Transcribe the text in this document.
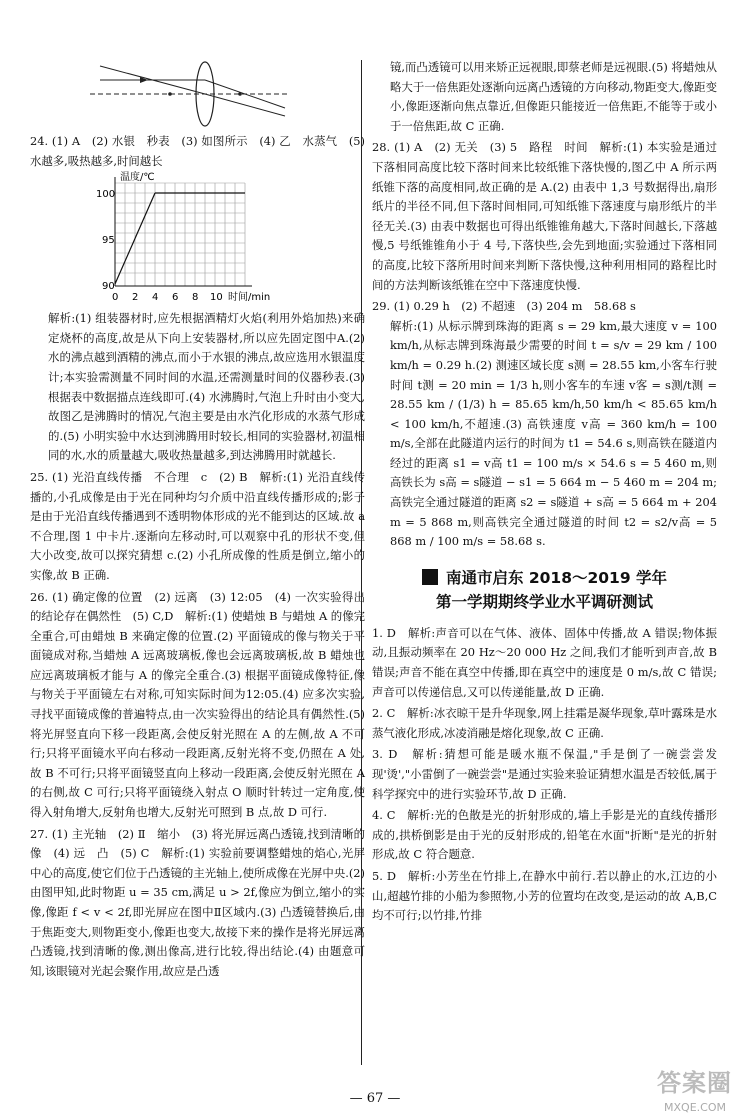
24. (1) A　(2) 水银　秒表　(3) 如图所示　(4) 乙　水蒸气　(5) 水越多,吸热越多,时间越长

温度/℃
100
95
90
0 2 4 6 8 10 时间/min

解析:(1) 组装器材时,应先根据酒精灯火焰(利用外焰加热)来确定烧杯的高度,故是从下向上安装器材,所以应先固定图中A.(2) 水的沸点越到酒精的沸点,而小于水银的沸点,故应选用水银温度计;本实验需测量不同时间的水温,还需测量时间的仪器秒表.(3) 根据表中数据描点连线即可.(4) 水沸腾时,气泡上升时由小变大,故图乙是沸腾时的情况,气泡主要是由水汽化形成的水蒸气形成的.(5) 小明实验中水达到沸腾用时较长,相同的实验器材,初温相同的水,水的质量越大,吸收热量越多,到达沸腾用时就越长.

25. (1) 光沿直线传播　不合理　c　(2) B　解析:(1) 光沿直线传播的,小孔成像是由于光在同种均匀介质中沿直线传播形成的;影子是由于光沿直线传播遇到不透明物体形成的光不能到达的区域.故 a 不合理,图 1 中卡片.逐渐向左移动时,可以观察中孔的形状不变,但大小改变,故可以探究猜想 c.(2) 小孔所成像的性质是倒立,缩小的实像,故 B 正确.

26. (1) 确定像的位置　(2) 远离　(3) 12:05　(4) 一次实验得出的结论存在偶然性　(5) C,D　解析:(1) 使蜡烛 B 与蜡烛 A 的像完全重合,可由蜡烛 B 来确定像的位置.(2) 平面镜成的像与物关于平面镜成对称,当蜡烛 A 远离玻璃板,像也会远离玻璃板,故 B 蜡烛也应远离玻璃板才能与 A 的像完全重合.(3) 根据平面镜成像特征,像与物关于平面镜左右对称,可知实际时间为12:05.(4) 应多次实验,寻找平面镜成像的普遍特点,由一次实验得出的结论具有偶然性.(5) 将光屏竖直向下移一段距离,会使反射光照在 A 的左侧,故 A 不可行;只将平面镜水平向右移动一段距离,反射光将不变,仍照在 A 处,故 B 不可行;只将平面镜竖直向上移动一段距离,会使反射光照在 A 的右侧,故 C 可行;只将平面镜绕入射点 O 顺时针转过一定角度,使得入射角增大,反射角也增大,反射光可照到 B 点,故 D 可行.

27. (1) 主光轴　(2) Ⅱ　缩小　(3) 将光屏远离凸透镜,找到清晰的像　(4) 远　凸　(5) C　解析:(1) 实验前要调整蜡烛的焰心,光屏中心的高度,使它们位于凸透镜的主光轴上,使所成像在光屏中央.(2) 由图甲知,此时物距 u = 35 cm,满足 u > 2f,像应为倒立,缩小的实像,像距 f < v < 2f,即光屏应在图中Ⅱ区域内.(3) 凸透镜替换后,由于焦距变大,则物距变小,像距也变大,故接下来的操作是将光屏远离凸透镜,找到清晰的像,测出像高,进行比较,得出结论.(4) 由题意可知,该眼镜对光起会聚作用,故应是凸透

镜,而凸透镜可以用来矫正远视眼,即蔡老师是远视眼.(5) 将蜡烛从略大于一倍焦距处逐渐向远离凸透镜的方向移动,物距变大,像距变小,像距逐渐向焦点靠近,但像距只能接近一倍焦距,不能等于或小于一倍焦距,故 C 正确.

28. (1) A　(2) 无关　(3) 5　路程　时间　解析:(1) 本实验是通过下落相同高度比较下落时间来比较纸锥下落快慢的,图乙中 A 所示两纸锥下落的高度相同,故正确的是 A.(2) 由表中 1,3 号数据得出,扇形纸片的半径不同,但下落时间相同,可知纸锥下落速度与扇形纸片的半径无关.(3) 由表中数据也可得出纸锥锥角越大,下落时间越长,下落越慢,5 号纸锥锥角小于 4 号,下落快些,会先到地面;实验通过下落相同的高度,比较下落所用时间来判断下落快慢,这种利用相同的路程比时间的方法判断该纸锥在空中下落速度快慢.

29. (1) 0.29 h　(2) 不超速　(3) 204 m　58.68 s

解析:(1) 从标示牌到珠海的距离 s = 29 km,最大速度 v = 100 km/h,从标志牌到珠海最少需要的时间 t = s/v = 29 km / 100 km/h = 0.29 h.(2) 测速区域长度 s测 = 28.55 km,小客车行驶时间 t测 = 20 min = 1/3 h,则小客车的车速 v客 = s测/t测 = 28.55 km / (1/3) h = 85.65 km/h,50 km/h < 85.65 km/h < 100 km/h,不超速.(3) 高铁速度 v高 = 360 km/h = 100 m/s,全部在此隧道内运行的时间为 t1 = 54.6 s,则高铁在隧道内经过的距离 s1 = v高 t1 = 100 m/s × 54.6 s = 5 460 m,则高铁长为 s高 = s隧道 − s1 = 5 664 m − 5 460 m = 204 m;高铁完全通过隧道的距离 s2 = s隧道 + s高 = 5 664 m + 204 m = 5 868 m,则高铁完全通过隧道的时间 t2 = s2/v高 = 5 868 m / 100 m/s = 58.68 s.

南通市启东 2018～2019 学年
第一学期期终学业水平调研测试

1. D　解析:声音可以在气体、液体、固体中传播,故 A 错误;物体振动,且振动频率在 20 Hz～20 000 Hz 之间,我们才能听到声音,故 B 错误;声音不能在真空中传播,即在真空中的速度是 0 m/s,故 C 错误;声音可以传递信息,又可以传递能量,故 D 正确.

2. C　解析:冰衣晾干是升华现象,网上挂霜是凝华现象,草叶露珠是水蒸气液化形成,冰凌消融是熔化现象,故 C 正确.

3. D　解析:猜想可能是暖水瓶不保温,"手是倒了一碗尝尝发现'烫',"小雷倒了一碗尝尝"是通过实验来验证猜想水温是否较低,属于科学探究中的进行实验环节,故 D 正确.

4. C　解析:光的色散是光的折射形成的,墙上手影是光的直线传播形成的,拱桥倒影是由于光的反射形成的,铅笔在水面"折断"是光的折射形成,故 C 符合题意.

5. D　解析:小芳坐在竹排上,在静水中前行.若以静止的水,江边的小山,超越竹排的小船为参照物,小芳的位置均在改变,是运动的故 A,B,C 均不可行;以竹排,竹排

— 67 —
答案圈
MXQE.COM
